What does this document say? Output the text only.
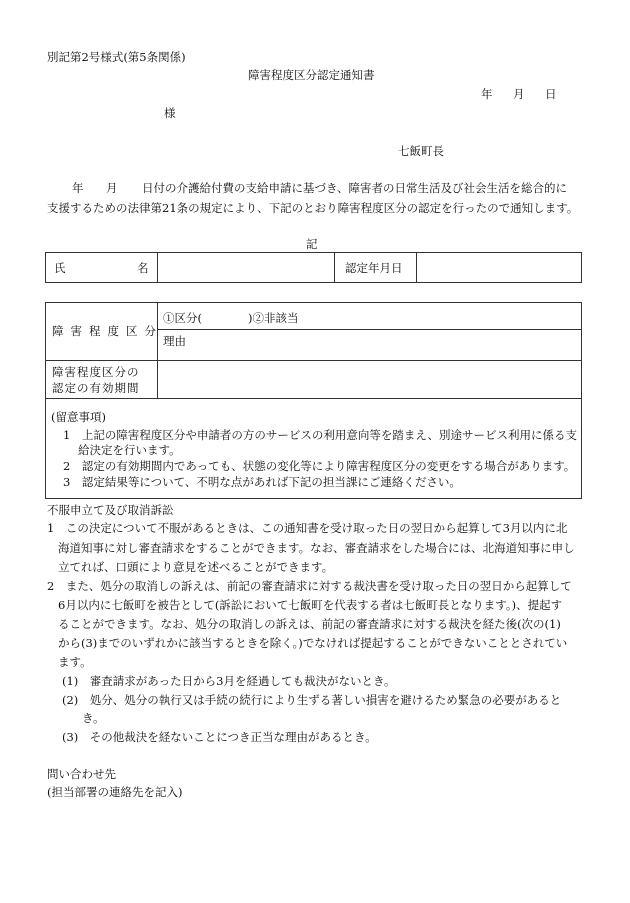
別記第2号様式(第5条関係)
障害程度区分認定通知書
年 月 日
様
七飯町長
年 月 日付の介護給付費の支給申請に基づき、障害者の日常生活及び社会生活を総合的に
支援するための法律第21条の規定により、下記のとおり障害程度区分の認定を行ったので通知します。
記
氏	名	認定年月日
障害程度区分
①区分(　　　　)②非該当
理由
障害程度区分の
認定の有効期間
(留意事項)
1　上記の障害程度区分や申請者の方のサービスの利用意向等を踏まえ、別途サービス利用に係る支
給決定を行います。
2　認定の有効期間内であっても、状態の変化等により障害程度区分の変更をする場合があります。
3　認定結果等について、不明な点があれば下記の担当課にご連絡ください。
不服申立て及び取消訴訟
1　この決定について不服があるときは、この通知書を受け取った日の翌日から起算して3月以内に北
海道知事に対し審査請求をすることができます。なお、審査請求をした場合には、北海道知事に申し
立てれば、口頭により意見を述べることができます。
2　また、処分の取消しの訴えは、前記の審査請求に対する裁決書を受け取った日の翌日から起算して
6月以内に七飯町を被告として(訴訟において七飯町を代表する者は七飯町長となります。)、提起す
ることができます。なお、処分の取消しの訴えは、前記の審査請求に対する裁決を経た後(次の(1)
から(3)までのいずれかに該当するときを除く。)でなければ提起することができないこととされてい
ます。
(1)　審査請求があった日から3月を経過しても裁決がないとき。
(2)　処分、処分の執行又は手続の続行により生ずる著しい損害を避けるため緊急の必要があると
き。
(3)　その他裁決を経ないことにつき正当な理由があるとき。
問い合わせ先
(担当部署の連絡先を記入)
